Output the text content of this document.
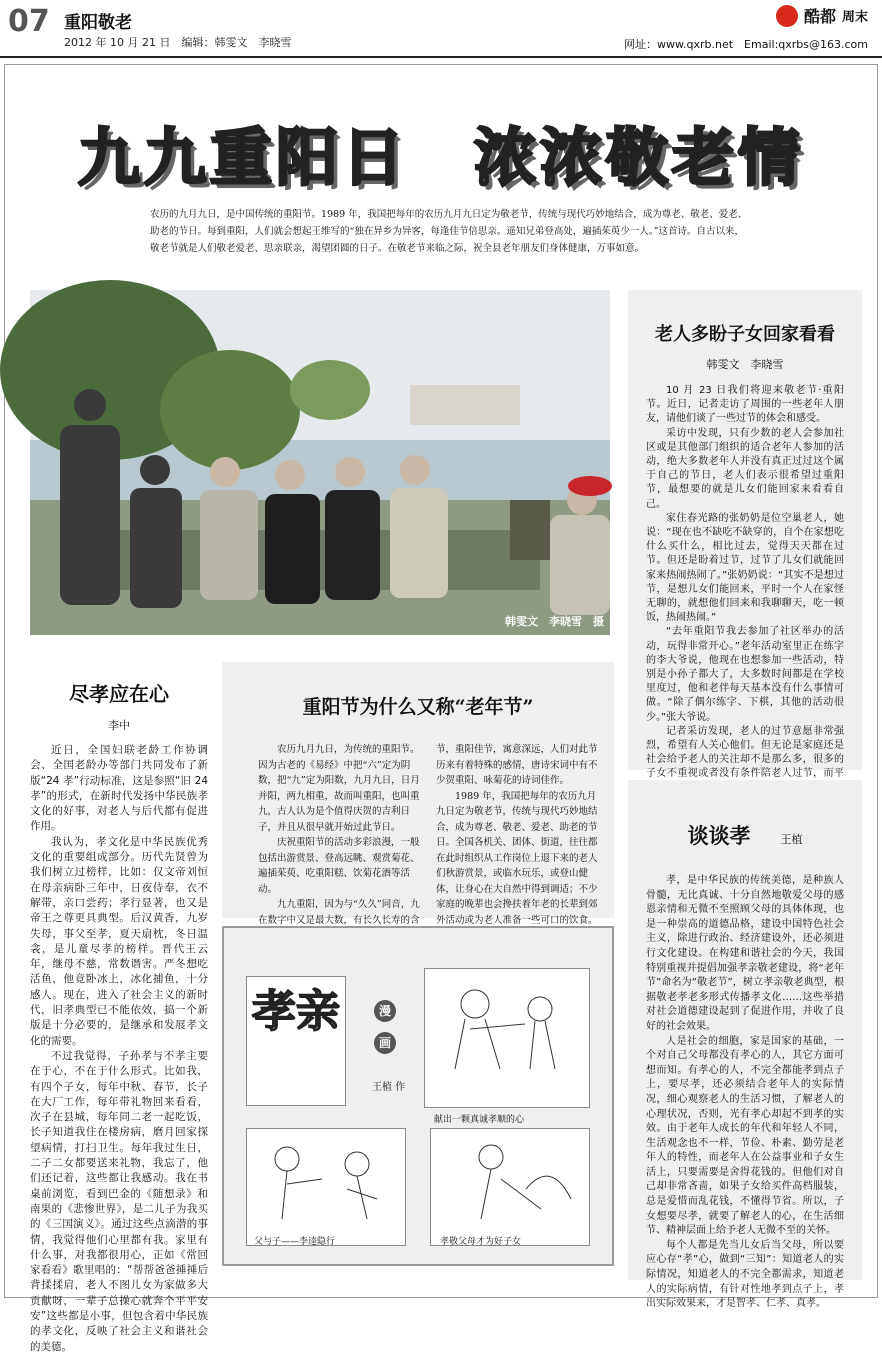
07 重阳敬老
2012 年 10 月 21 日　编辑：韩雯文　李晓雪
酷都 周末
网址：www.qxrb.net　Email:qxrbs@163.com
九九重阳日　浓浓敬老情
农历的九月九日，是中国传统的重阳节。1989 年，我国把每年的农历九月九日定为敬老节，传统与现代巧妙地结合，成为尊老、敬老、爱老、助老的节日。每到重阳，人们就会想起王维写的“独在异乡为异客，每逢佳节倍思亲。遥知兄弟登高处，遍插茱萸少一人。”这首诗。自古以来，敬老节就是人们敬老爱老、思亲联亲，渴望团圆的日子。在敬老节来临之际，祝全县老年朋友们身体健康，万事如意。
韩雯文　李晓雪　摄
尽孝应在心
李中

近日，全国妇联老龄工作协调会、全国老龄办等部门共同发布了新版“24 孝”行动标准，这是参照“旧 24 孝”的形式，在新时代发扬中华民族孝文化的好事，对老人与后代都有促进作用。

我认为，孝文化是中华民族优秀文化的重要组成部分。历代先贤曾为我们树立过榜样，比如：仅文帝刘恒在母亲病卧三年中，日夜侍奉，衣不解带，亲口尝药；孝行显著，也又是帝王之尊更具典型。后汉黄香，九岁失母，事父至孝，夏天扇枕，冬日温衾，是儿童尽孝的榜样。晋代王云年，继母不慈，常数谮害。严冬想吃活鱼，他竟卧冰上，冰化捕鱼，十分感人。现在，进入了社会主义的新时代，旧孝典型已不能依效，搞一个新版是十分必要的，是继承和发展孝文化的需要。

不过我觉得，子孙孝与不孝主要在于心，不在于什么形式。比如我，有四个子女，每年中秋、春节，长子在大厂工作，每年带礼物回来看看，次子在县城，每年同二老一起吃饭，长子知道我住在楼房病，磨月回家探望病情，打扫卫生。每年我过生日，二子二女都要送来礼物，我忘了，他们还记着，这些都让我感动。我在书桌前浏览，看到巴金的《随想录》和南果的《悲惨世界》，是二儿子为我买的《三国演义》。通过这些点滴潜的事情，我觉得他们心里都有我。家里有什么事，对我都很用心，正如《常回家看看》歌里唱的：“帮帮爸爸捶捶后背揉揉肩，老人不图儿女为家做多大贡献呀，一辈子总操心就奔个平平安安”这些都是小事，但包含着中华民族的孝文化，反映了社会主义和谐社会的美德。

重阳节为什么又称“老年节”

农历九月九日，为传统的重阳节。因为古老的《易经》中把“六”定为阴数，把“九”定为阳数，九月九日，日月并阳，两九相重，故而叫重阳，也叫重九，古人认为是个值得庆贺的吉利日子，并且从很早就开始过此节日。

庆祝重阳节的活动多彩浪漫，一般包括出游赏景、登高远眺、观赏菊花、遍插茱萸、吃重阳糕、饮菊花酒等活动。

九九重阳，因为与“久久”同音，九在数字中又是最大数，有长久长寿的含 节，重阳佳节，寓意深远，人们对此节历来有着特殊的感情，唐诗宋词中有不少贺重阳、咏菊花的诗词佳作。

1989 年，我国把每年的农历九月九日定为敬老节，传统与现代巧妙地结合，成为尊老、敬老、爱老、助老的节日。全国各机关、团体、街道，往往都在此时组织从工作岗位上退下来的老人们秋游赏景，或临水玩乐，或登山健体，让身心在大自然中得到调适；不少家庭的晚辈也会搀扶着年老的长辈到郊外活动或为老人准备一些可口的饮食。

孝亲	漫
画
王植 作
献出一颗真诚孝顺的心
父与子——李逵隐行	孝敬父母才为好子女
老人多盼子女回家看看
韩雯文　李晓雪

10 月 23 日我们将迎来敬老节·重阳节。近日，记者走访了周围的一些老年人朋友，请他们谈了一些过节的体会和感受。

采访中发现，只有少数的老人会参加社区或是其他部门组织的适合老年人参加的活动，绝大多数老年人并没有真正过过这个属于自己的节日，老人们表示很希望过重阳节，最想要的就是儿女们能回家来看看自己。

家住春光路的张奶奶是位空巢老人，她说：“现在也不缺吃不缺穿的，自个在家想吃什么买什么，相比过去，觉得天天都在过节。但还是盼着过节，过节了儿女们就能回家来热闹热闹了。”张奶奶说：“其实不是想过节，是想儿女们能回来，平时一个人在家怪无聊的，就想他们回来和我聊聊天，吃一顿饭，热闹热闹。”

“去年重阳节我去参加了社区举办的活动，玩得非常开心。”老年活动室里正在练字的李大爷说，他现在也想参加一些活动，特别是小孙子都大了，大多数时间都是在学校里度过，他和老伴每天基本没有什么事情可做。“除了偶尔练字、下棋，其他的活动很少。”张大爷说。

记者采访发现，老人的过节意愿非常强烈，希望有人关心他们。但无论是家庭还是社会给予老人的关注却不是那么多，很多的子女不重视或者没有条件陪老人过节，而平

谈谈孝	王植

孝，是中华民族的传统美德，是种族人骨髓，无比真诚、十分自然地敬爱父母的感恩亲情和无微不至照顾父母的具体体现，也是一种崇高的道德品格，建设中国特色社会主义，除进行政治、经济建设外，还必须进行文化建设。在构建和谐社会的今天，我国特别重视并提倡加强孝亲敬老建设，将“老年节”命名为“敬老节”，树立孝亲敬老典型，根据敬老孝老多形式传播孝文化……这些举措对社会道德建设起到了促进作用，并收了良好的社会效果。

人是社会的细胞，家是国家的基础，一个对自己父母都没有孝心的人，其它方面可想而知。有孝心的人，不完全都能孝到点子上，要尽孝，还必须结合老年人的实际情况，细心观察老人的生活习惯，了解老人的心理状况，否则，光有孝心却起不到孝的实效。由于老年人成长的年代和年轻人不同，生活观念也不一样，节俭、朴素、勤劳是老年人的特性，而老年人在公益事业和子女生活上，只要需要是舍得花钱的。但他们对自己却非常吝啬，如果子女给买件高档服装，总是爱惜而乱花钱，不懂得节省。所以，子女想要尽孝，就要了解老人的心，在生活细节、精神层面上给予老人无微不至的关怀。

每个人都是先当儿女后当父母，所以要应心存“孝”心，做到“三知”：知道老人的实际情况，知道老人的不完全都需求，知道老人的实际病情，有针对性地孝到点子上，孝出实际效果来，才是智孝、仁孝、真孝。
